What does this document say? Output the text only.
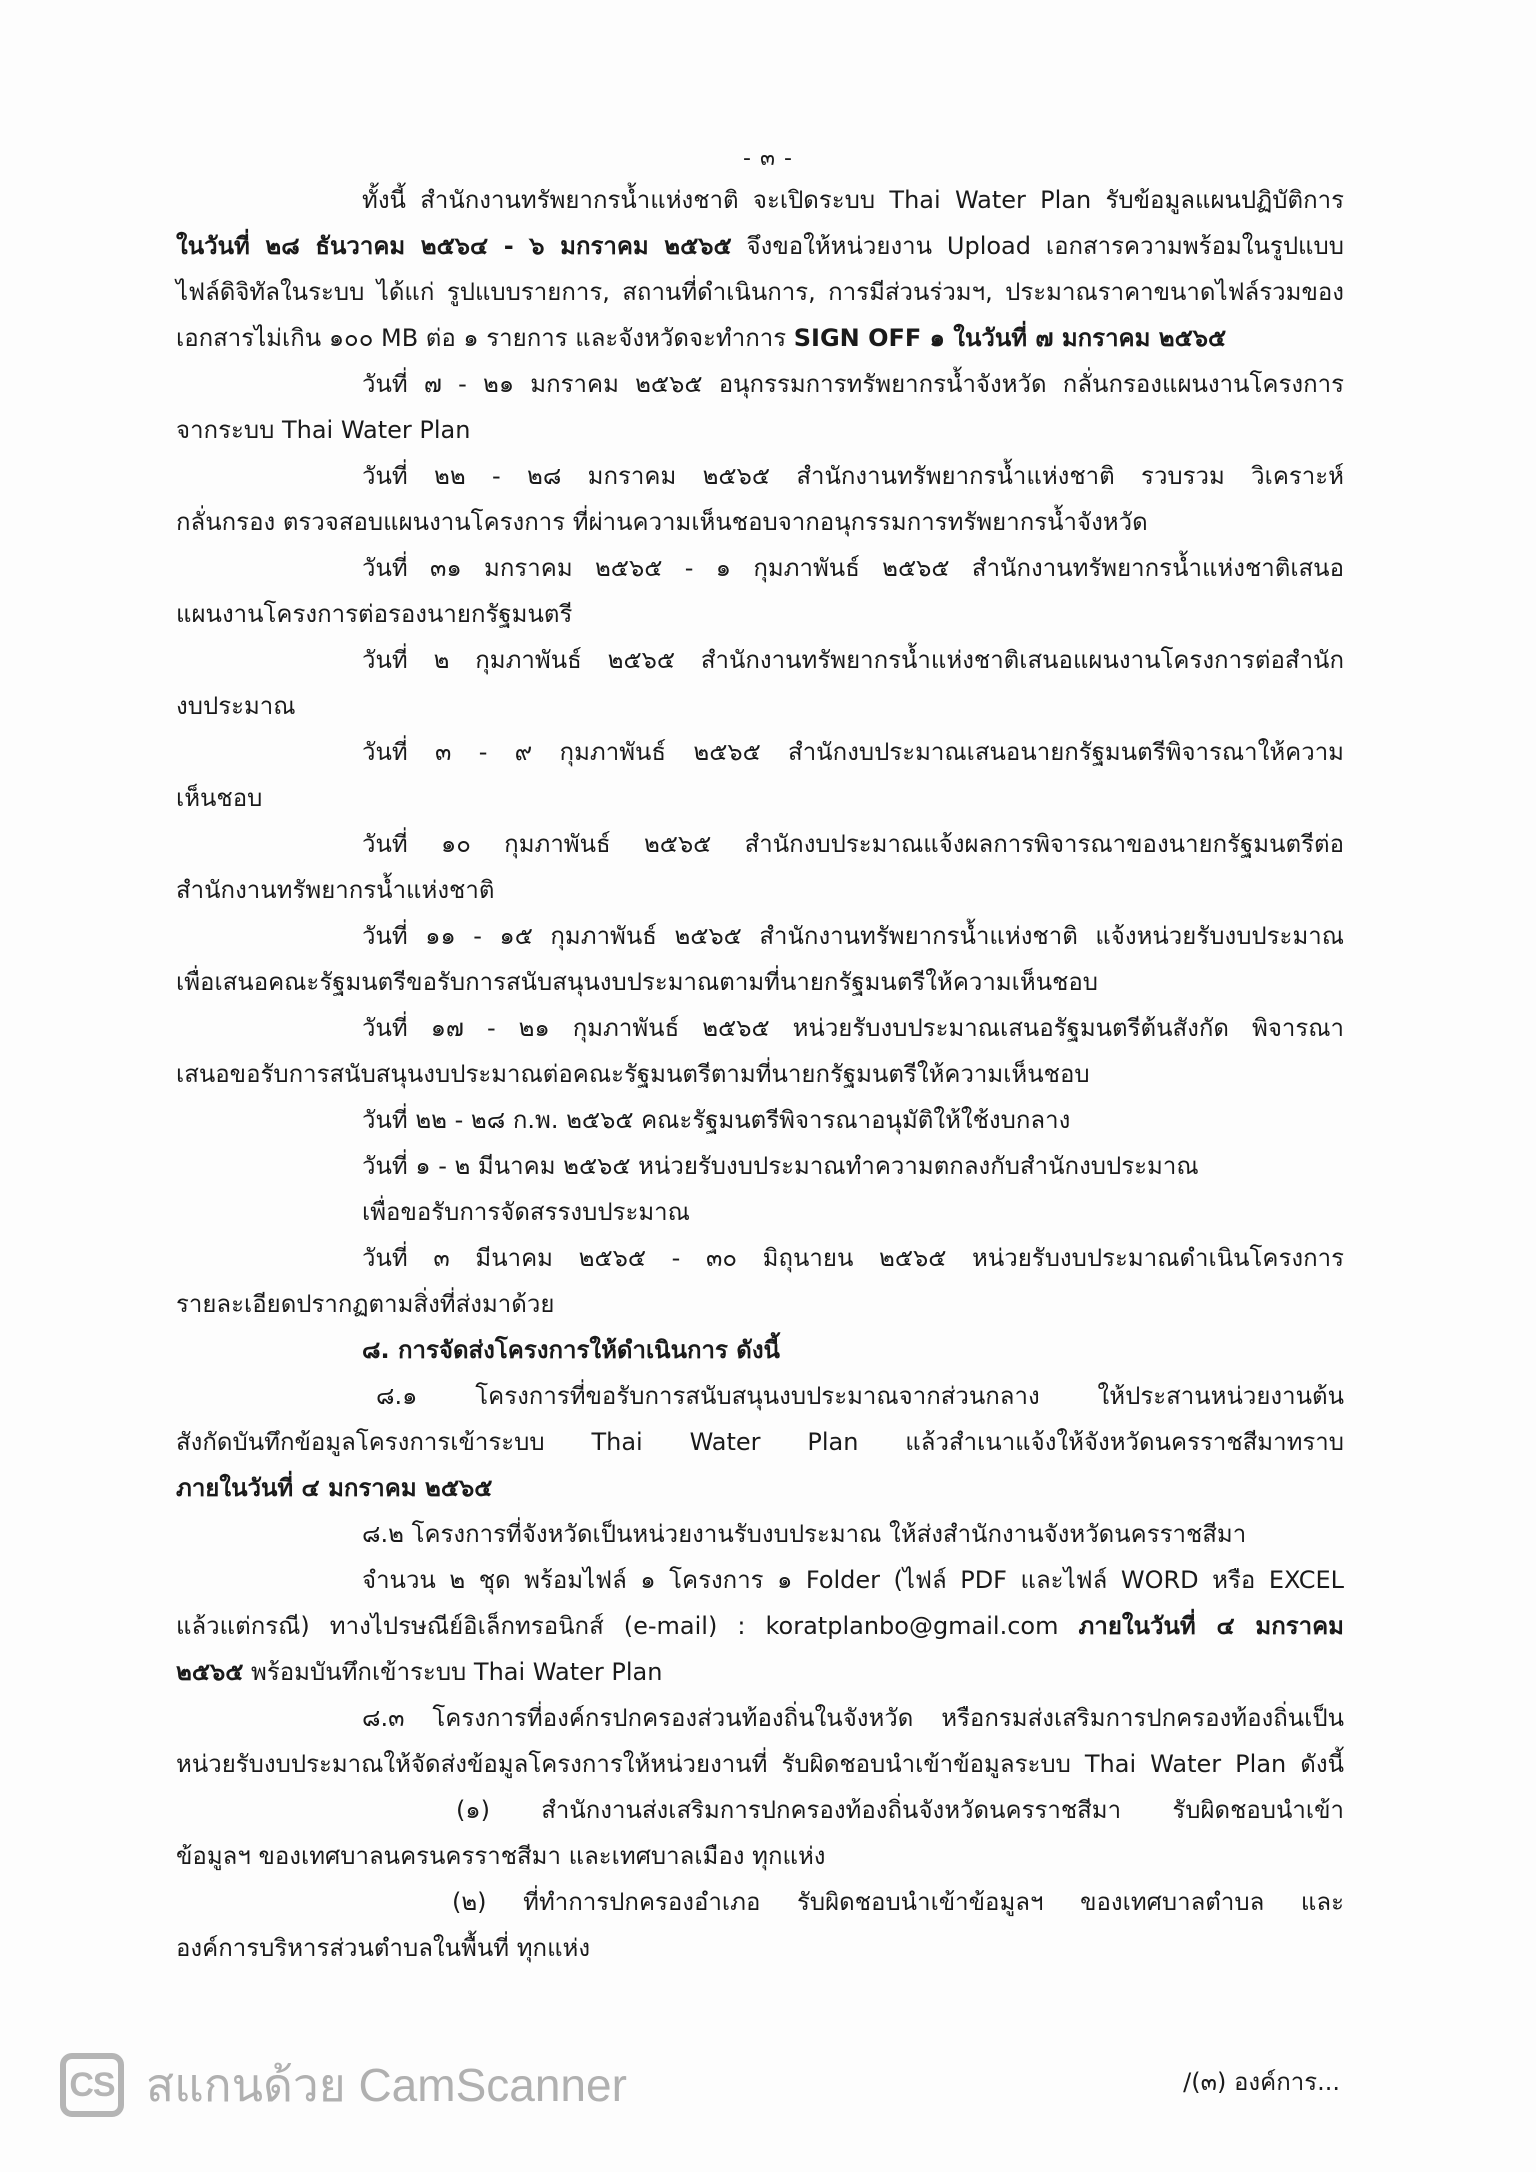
- ๓ -

ทั้งนี้ สำนักงานทรัพยากรน้ำแห่งชาติ จะเปิดระบบ Thai Water Plan รับข้อมูลแผนปฏิบัติการ

ในวันที่ ๒๘ ธันวาคม ๒๕๖๔ - ๖ มกราคม ๒๕๖๕ จึงขอให้หน่วยงาน Upload เอกสารความพร้อมในรูปแบบ

ไฟล์ดิจิทัลในระบบ ได้แก่ รูปแบบรายการ, สถานที่ดำเนินการ, การมีส่วนร่วมฯ, ประมาณราคาขนาดไฟล์รวมของ

เอกสารไม่เกิน ๑๐๐ MB ต่อ ๑ รายการ และจังหวัดจะทำการ SIGN OFF ๑ ในวันที่ ๗ มกราคม ๒๕๖๕

วันที่ ๗ - ๒๑ มกราคม ๒๕๖๕ อนุกรรมการทรัพยากรน้ำจังหวัด กลั่นกรองแผนงานโครงการ

จากระบบ Thai Water Plan

วันที่ ๒๒ - ๒๘ มกราคม ๒๕๖๕ สำนักงานทรัพยากรน้ำแห่งชาติ รวบรวม วิเคราะห์

กลั่นกรอง ตรวจสอบแผนงานโครงการ ที่ผ่านความเห็นชอบจากอนุกรรมการทรัพยากรน้ำจังหวัด

วันที่ ๓๑ มกราคม ๒๕๖๕ - ๑ กุมภาพันธ์ ๒๕๖๕ สำนักงานทรัพยากรน้ำแห่งชาติเสนอ

แผนงานโครงการต่อรองนายกรัฐมนตรี

วันที่ ๒ กุมภาพันธ์ ๒๕๖๕ สำนักงานทรัพยากรน้ำแห่งชาติเสนอแผนงานโครงการต่อสำนัก

งบประมาณ

วันที่ ๓ - ๙ กุมภาพันธ์ ๒๕๖๕ สำนักงบประมาณเสนอนายกรัฐมนตรีพิจารณาให้ความ

เห็นชอบ

วันที่ ๑๐ กุมภาพันธ์ ๒๕๖๕ สำนักงบประมาณแจ้งผลการพิจารณาของนายกรัฐมนตรีต่อ

สำนักงานทรัพยากรน้ำแห่งชาติ

วันที่ ๑๑ - ๑๕ กุมภาพันธ์ ๒๕๖๕ สำนักงานทรัพยากรน้ำแห่งชาติ แจ้งหน่วยรับงบประมาณ

เพื่อเสนอคณะรัฐมนตรีขอรับการสนับสนุนงบประมาณตามที่นายกรัฐมนตรีให้ความเห็นชอบ

วันที่ ๑๗ - ๒๑ กุมภาพันธ์ ๒๕๖๕ หน่วยรับงบประมาณเสนอรัฐมนตรีต้นสังกัด พิจารณา

เสนอขอรับการสนับสนุนงบประมาณต่อคณะรัฐมนตรีตามที่นายกรัฐมนตรีให้ความเห็นชอบ

วันที่ ๒๒ - ๒๘ ก.พ. ๒๕๖๕ คณะรัฐมนตรีพิจารณาอนุมัติให้ใช้งบกลาง

วันที่ ๑ - ๒ มีนาคม ๒๕๖๕ หน่วยรับงบประมาณทำความตกลงกับสำนักงบประมาณ

เพื่อขอรับการจัดสรรงบประมาณ

วันที่ ๓ มีนาคม ๒๕๖๕ - ๓๐ มิถุนายน ๒๕๖๕ หน่วยรับงบประมาณดำเนินโครงการ

รายละเอียดปรากฏตามสิ่งที่ส่งมาด้วย

๘. การจัดส่งโครงการให้ดำเนินการ ดังนี้

๘.๑ โครงการที่ขอรับการสนับสนุนงบประมาณจากส่วนกลาง ให้ประสานหน่วยงานต้น

สังกัดบันทึกข้อมูลโครงการเข้าระบบ Thai Water Plan แล้วสำเนาแจ้งให้จังหวัดนครราชสีมาทราบ

ภายในวันที่ ๔ มกราคม ๒๕๖๕

๘.๒ โครงการที่จังหวัดเป็นหน่วยงานรับงบประมาณ ให้ส่งสำนักงานจังหวัดนครราชสีมา

จำนวน ๒ ชุด พร้อมไฟล์ ๑ โครงการ ๑ Folder (ไฟล์ PDF และไฟล์ WORD หรือ EXCEL

แล้วแต่กรณี) ทางไปรษณีย์อิเล็กทรอนิกส์ (e-mail) : koratplanbo@gmail.com ภายในวันที่ ๔ มกราคม

๒๕๖๕ พร้อมบันทึกเข้าระบบ Thai Water Plan

๘.๓ โครงการที่องค์กรปกครองส่วนท้องถิ่นในจังหวัด หรือกรมส่งเสริมการปกครองท้องถิ่นเป็น

หน่วยรับงบประมาณให้จัดส่งข้อมูลโครงการให้หน่วยงานที่ รับผิดชอบนำเข้าข้อมูลระบบ Thai Water Plan ดังนี้

(๑) สำนักงานส่งเสริมการปกครองท้องถิ่นจังหวัดนครราชสีมา รับผิดชอบนำเข้า

ข้อมูลฯ ของเทศบาลนครนครราชสีมา และเทศบาลเมือง ทุกแห่ง

(๒) ที่ทำการปกครองอำเภอ รับผิดชอบนำเข้าข้อมูลฯ ของเทศบาลตำบล และ

องค์การบริหารส่วนตำบลในพื้นที่ ทุกแห่ง

CS สแกนด้วย CamScanner	/(๓) องค์การ...
